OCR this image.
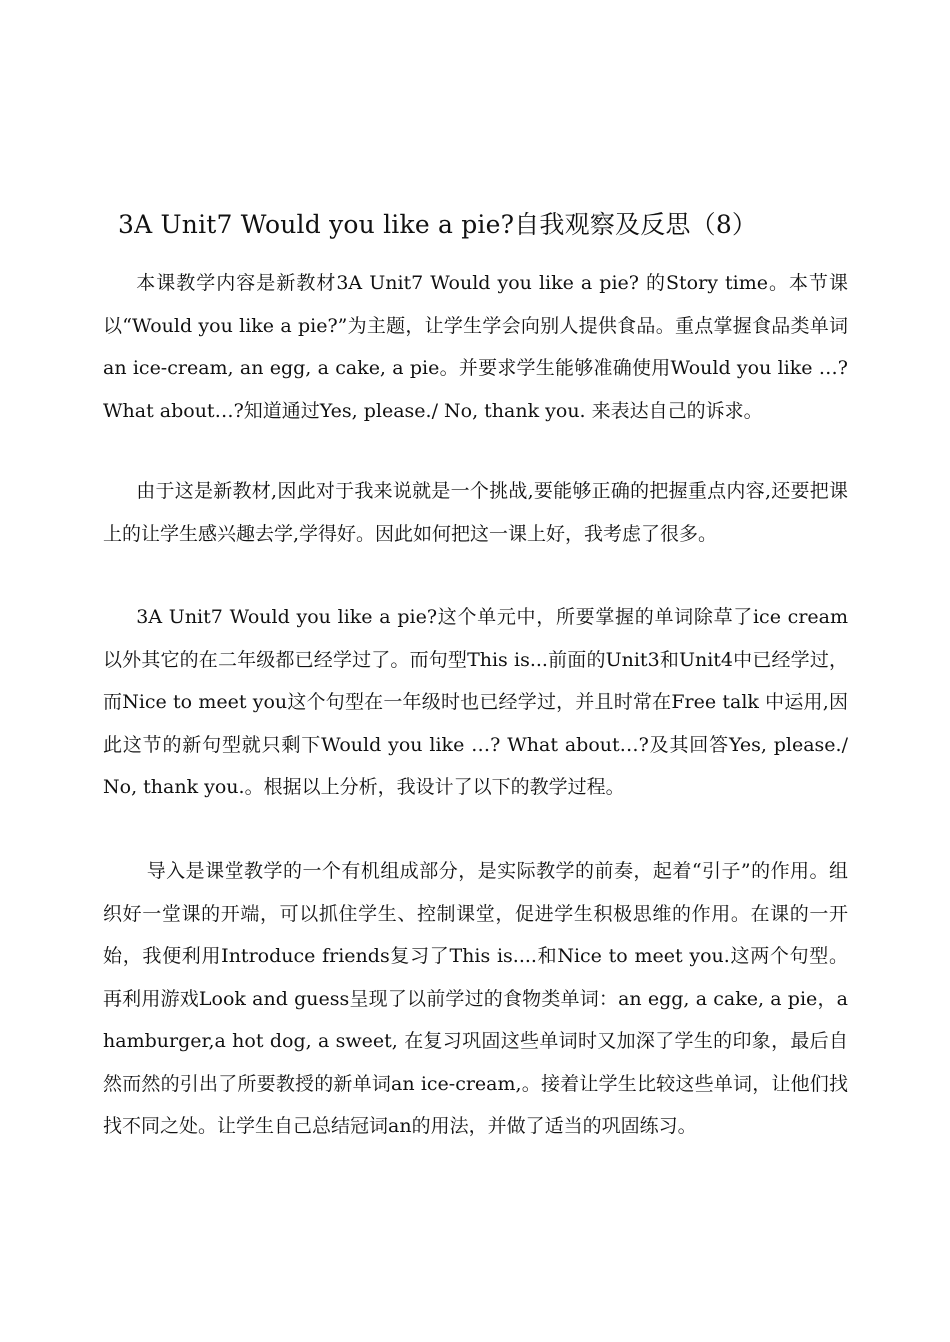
3A Unit7 Would you like a pie?自我观察及反思（8）

本课教学内容是新教材3A Unit7 Would you like a pie? 的Story time。本节课以“Would you like a pie?”为主题，让学生学会向别人提供食品。重点掌握食品类单词an ice-cream, an egg, a cake, a pie。并要求学生能够准确使用Would you like …? What about…?知道通过Yes, please./ No, thank you. 来表达自己的诉求。

由于这是新教材,因此对于我来说就是一个挑战,要能够正确的把握重点内容,还要把课上的让学生感兴趣去学,学得好。因此如何把这一课上好，我考虑了很多。

3A Unit7 Would you like a pie?这个单元中，所要掌握的单词除草了ice cream以外其它的在二年级都已经学过了。而句型This is...前面的Unit3和Unit4中已经学过，而Nice to meet you这个句型在一年级时也已经学过，并且时常在Free talk 中运用,因此这节的新句型就只剩下Would you like …? What about…?及其回答Yes, please./ No, thank you.。根据以上分析，我设计了以下的教学过程。

导入是课堂教学的一个有机组成部分，是实际教学的前奏，起着“引子”的作用。组织好一堂课的开端，可以抓住学生、控制课堂，促进学生积极思维的作用。在课的一开始，我便利用Introduce friends复习了This is....和Nice to meet you.这两个句型。再利用游戏Look and guess呈现了以前学过的食物类单词：an egg, a cake, a pie，a hamburger,a hot dog, a sweet, 在复习巩固这些单词时又加深了学生的印象，最后自然而然的引出了所要教授的新单词an ice-cream,。接着让学生比较这些单词，让他们找找不同之处。让学生自己总结冠词an的用法，并做了适当的巩固练习。
